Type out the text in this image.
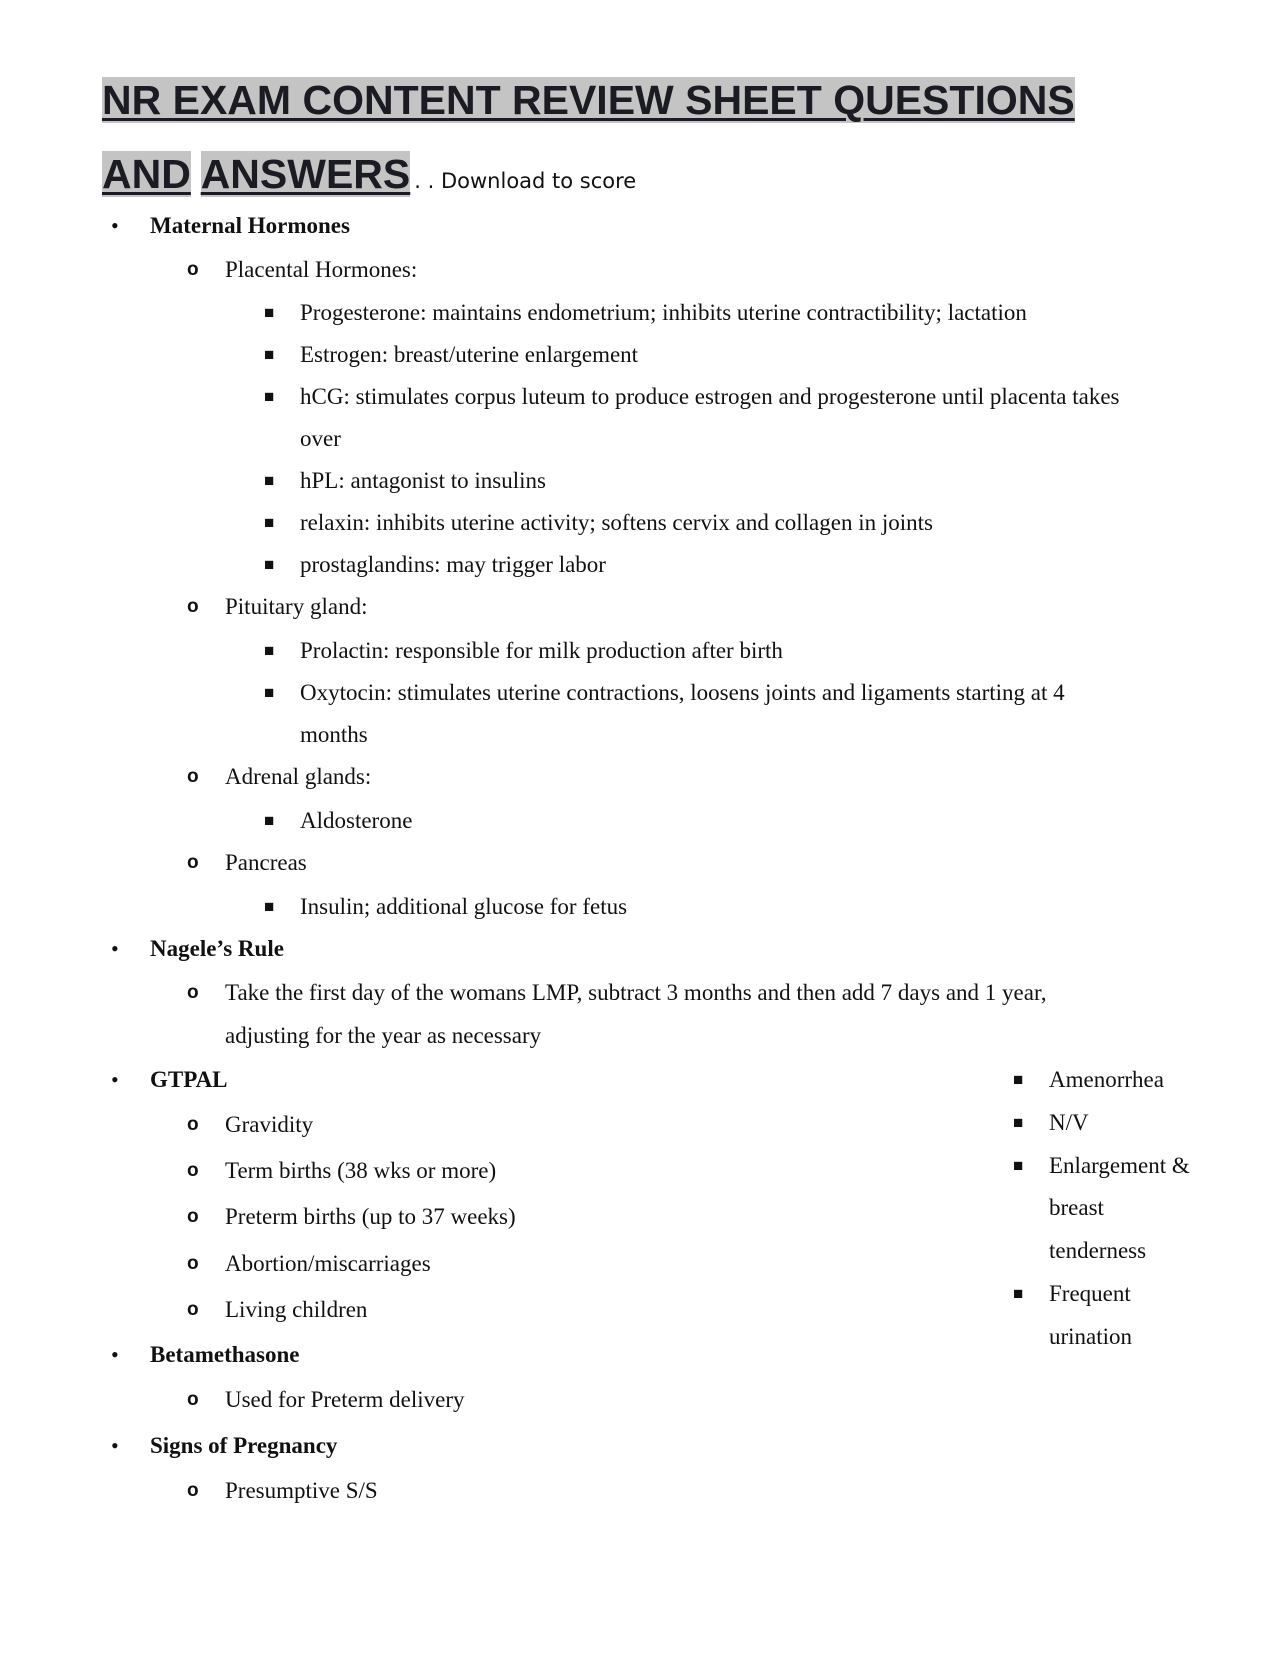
NR EXAM CONTENT REVIEW SHEET QUESTIONS
AND ANSWERS . . Download to score
• Maternal Hormones
o Placental Hormones:
■ Progesterone: maintains endometrium; inhibits uterine contractibility; lactation
■ Estrogen: breast/uterine enlargement
■ hCG: stimulates corpus luteum to produce estrogen and progesterone until placenta takes
over
■ hPL: antagonist to insulins
■ relaxin: inhibits uterine activity; softens cervix and collagen in joints
■ prostaglandins: may trigger labor
o Pituitary gland:
■ Prolactin: responsible for milk production after birth
■ Oxytocin: stimulates uterine contractions, loosens joints and ligaments starting at 4
months
o Adrenal glands:
■ Aldosterone
o Pancreas
■ Insulin; additional glucose for fetus
• Nagele’s Rule
o Take the first day of the womans LMP, subtract 3 months and then add 7 days and 1 year,
adjusting for the year as necessary
• GTPAL
o Gravidity
o Term births (38 wks or more)
o Preterm births (up to 37 weeks)
o Abortion/miscarriages
o Living children
• Betamethasone
o Used for Preterm delivery
• Signs of Pregnancy
o Presumptive S/S
■ Amenorrhea
■ N/V
■ Enlargement &
breast
tenderness
■ Frequent
urination
